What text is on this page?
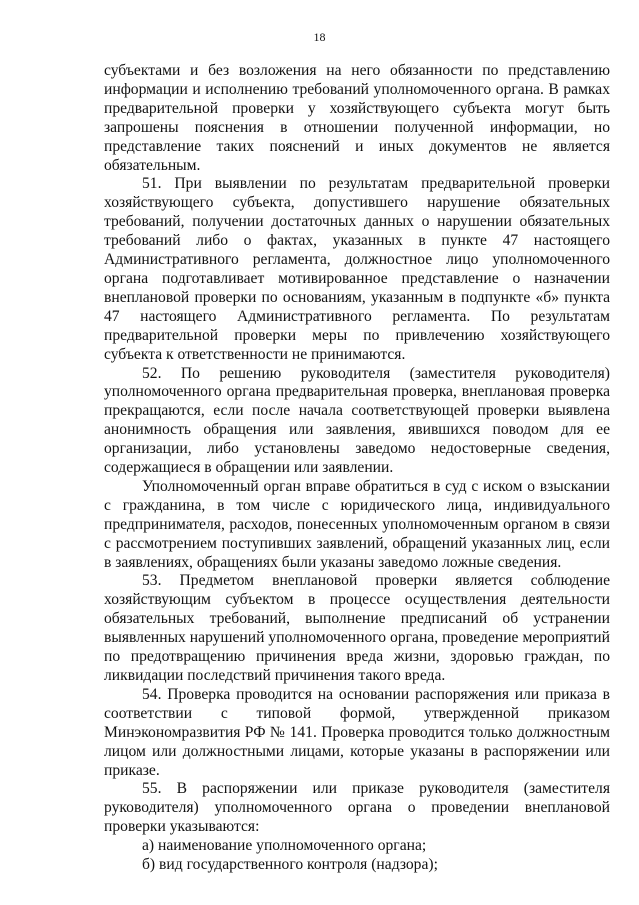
18

субъектами и без возложения на него обязанности по представлению информации и исполнению требований уполномоченного органа. В рамках предварительной проверки у хозяйствующего субъекта могут быть запрошены пояснения в отношении полученной информации, но представление таких пояснений и иных документов не является обязательным.

51. При выявлении по результатам предварительной проверки хозяйствующего субъекта, допустившего нарушение обязательных требований, получении достаточных данных о нарушении обязательных требований либо о фактах, указанных в пункте 47 настоящего Административного регламента, должностное лицо уполномоченного органа подготавливает мотивированное представление о назначении внеплановой проверки по основаниям, указанным в подпункте «б» пункта 47 настоящего Административного регламента. По результатам предварительной проверки меры по привлечению хозяйствующего субъекта к ответственности не принимаются.

52. По решению руководителя (заместителя руководителя) уполномоченного органа предварительная проверка, внеплановая проверка прекращаются, если после начала соответствующей проверки выявлена анонимность обращения или заявления, явившихся поводом для ее организации, либо установлены заведомо недостоверные сведения, содержащиеся в обращении или заявлении.

Уполномоченный орган вправе обратиться в суд с иском о взыскании с гражданина, в том числе с юридического лица, индивидуального предпринимателя, расходов, понесенных уполномоченным органом в связи с рассмотрением поступивших заявлений, обращений указанных лиц, если в заявлениях, обращениях были указаны заведомо ложные сведения.

53. Предметом внеплановой проверки является соблюдение хозяйствующим субъектом в процессе осуществления деятельности обязательных требований, выполнение предписаний об устранении выявленных нарушений уполномоченного органа, проведение мероприятий по предотвращению причинения вреда жизни, здоровью граждан, по ликвидации последствий причинения такого вреда.

54. Проверка проводится на основании распоряжения или приказа в соответствии с типовой формой, утвержденной приказом Минэкономразвития РФ № 141. Проверка проводится только должностным лицом или должностными лицами, которые указаны в распоряжении или приказе.

55. В распоряжении или приказе руководителя (заместителя руководителя) уполномоченного органа о проведении внеплановой проверки указываются:

а) наименование уполномоченного органа;

б) вид государственного контроля (надзора);
